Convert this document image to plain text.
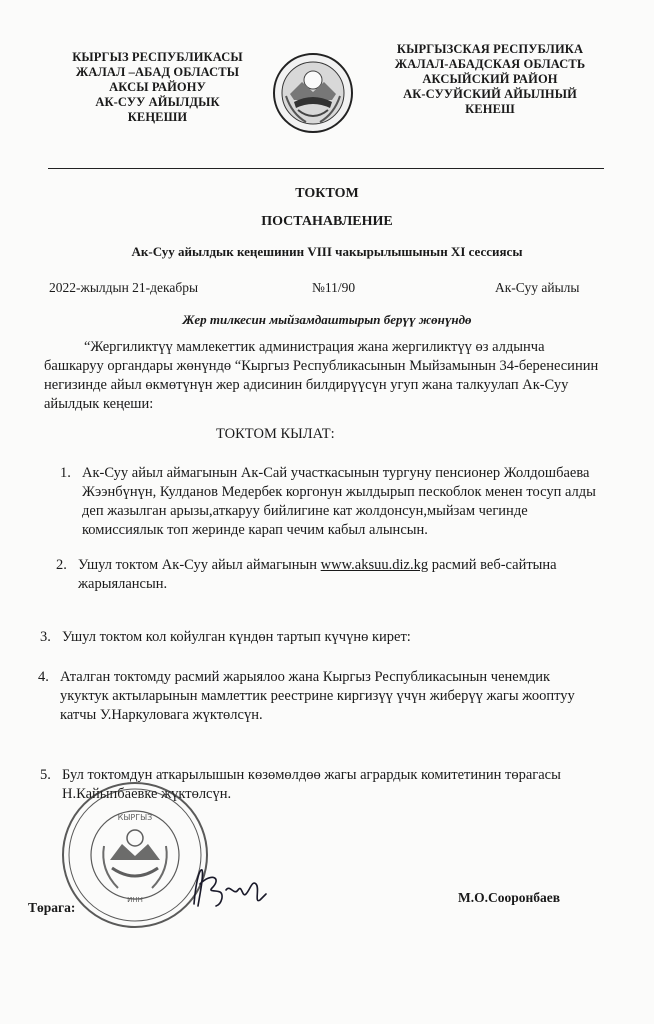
КЫРГЫЗ РЕСПУБЛИКАСЫ
ЖАЛАЛ –АБАД ОБЛАСТЫ
АКСЫ РАЙОНУ
АК-СУУ АЙЫЛДЫК
КЕҢЕШИ
КЫРГЫЗСКАЯ РЕСПУБЛИКА
ЖАЛАЛ-АБАДСКАЯ ОБЛАСТЬ
АКСЫЙСКИЙ РАЙОН
АК-СУУЙСКИЙ АЙЫЛНЫЙ
КЕНЕШ
ТОКТОМ
ПОСТАНАВЛЕНИЕ
Ак-Суу айылдык кеңешинин VIII чакырылышынын XI сессиясы
2022-жылдын 21-декабры	№11/90	Ак-Суу айылы
Жер тилкесин мыйзамдаштырып берүү жөнүндө
“Жергиликтүү мамлекеттик администрация жана жергиликтүү өз алдынча
башкаруу органдары жөнүндө “Кыргыз Республикасынын Мыйзамынын 34-беренесинин
негизинде айыл өкмөтүнүн жер адисинин билдирүүсүн угуп жана талкуулап Ак-Суу
айылдык кеңеши:
ТОКТОМ КЫЛАТ:
1. Ак-Суу айыл аймагынын Ак-Сай участкасынын тургуну пенсионер Жолдошбаева
Жээнбүнүн, Кулданов Медербек коргонун жылдырып пескоблок менен тосуп алды
деп жазылган арызы,аткаруу бийлигине кат жолдонсун,мыйзам чегинде
комиссиялык топ жеринде карап чечим кабыл алынсын.
2. Ушул токтом Ак-Суу айыл аймагынын www.aksuu.diz.kg расмий веб-сайтына
жарыялансын.
3. Ушул токтом кол койулган күндөн тартып күчүнө кирет:
4. Аталган токтомду расмий жарыялоо жана Кыргыз Республикасынын ченемдик
укуктук актыларынын мамлеттик реестрине киргизүү үчүн жиберүү жагы жооптуу
катчы У.Наркуловага жүктөлсүн.
5. Бул токтомдун аткарылышын көзөмөлдөө жагы агрардык комитетинин төрагасы
Н.Кайыпбаевке жүктөлсүн.
КЫРГЫЗ
ИНН
Төрага:
М.О.Сооронбаев
